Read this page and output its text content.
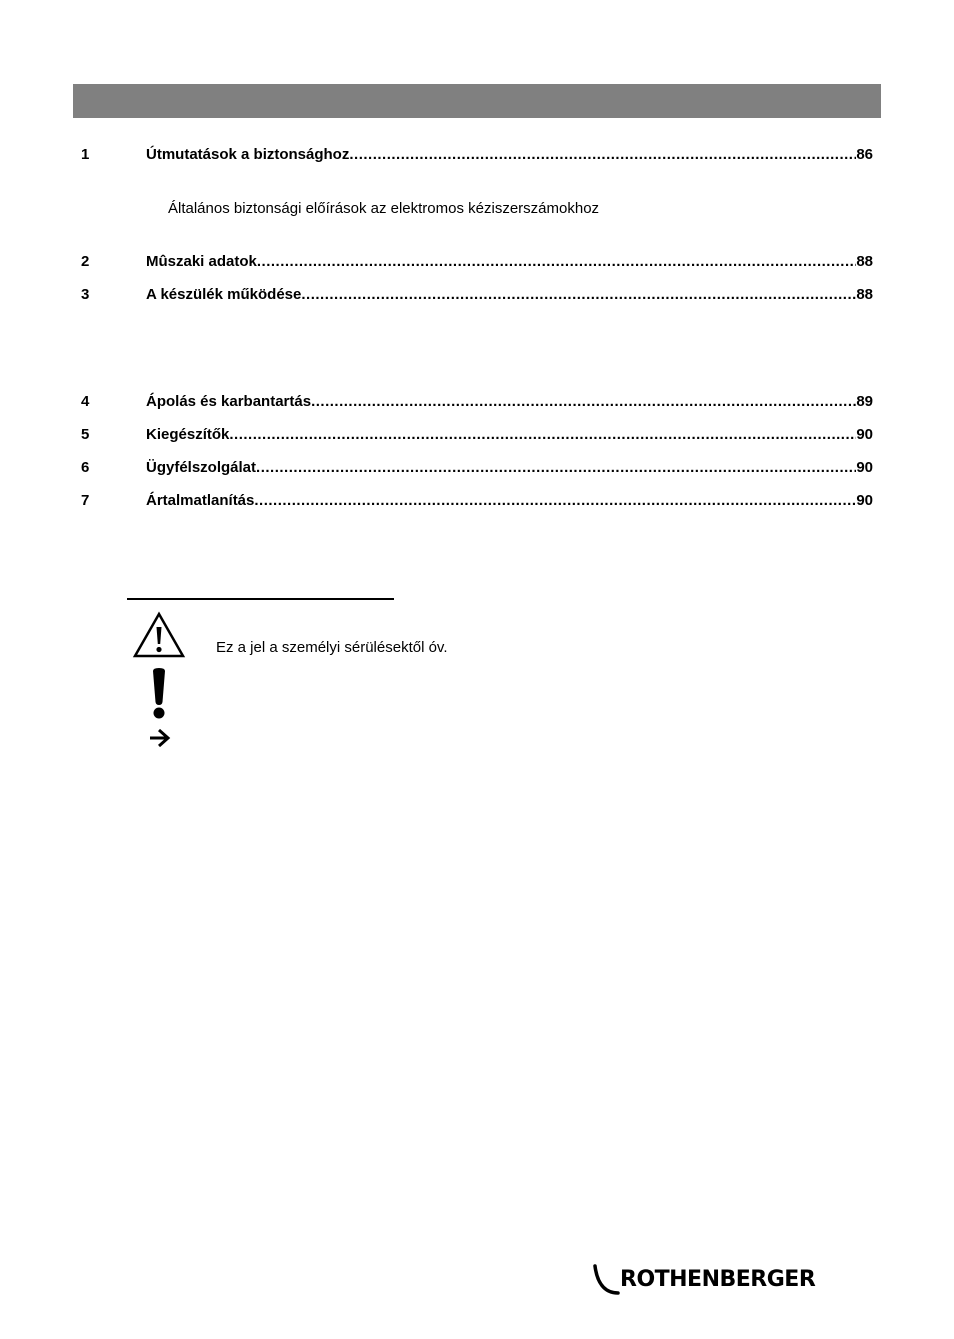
1	Útmutatások a biztonsághoz .....	86
Általános biztonsági előírások az elektromos kéziszerszámokhoz
2	Mûszaki adatok .....	88
3	A készülék működése .....	88
4	Ápolás és karbantartás .....	89
5	Kiegészítők .....	90
6	Ügyfélszolgálat .....	90
7	Ártalmatlanítás .....	90
Ez a jel a személyi sérülésektől óv.
ROTHENBERGER
